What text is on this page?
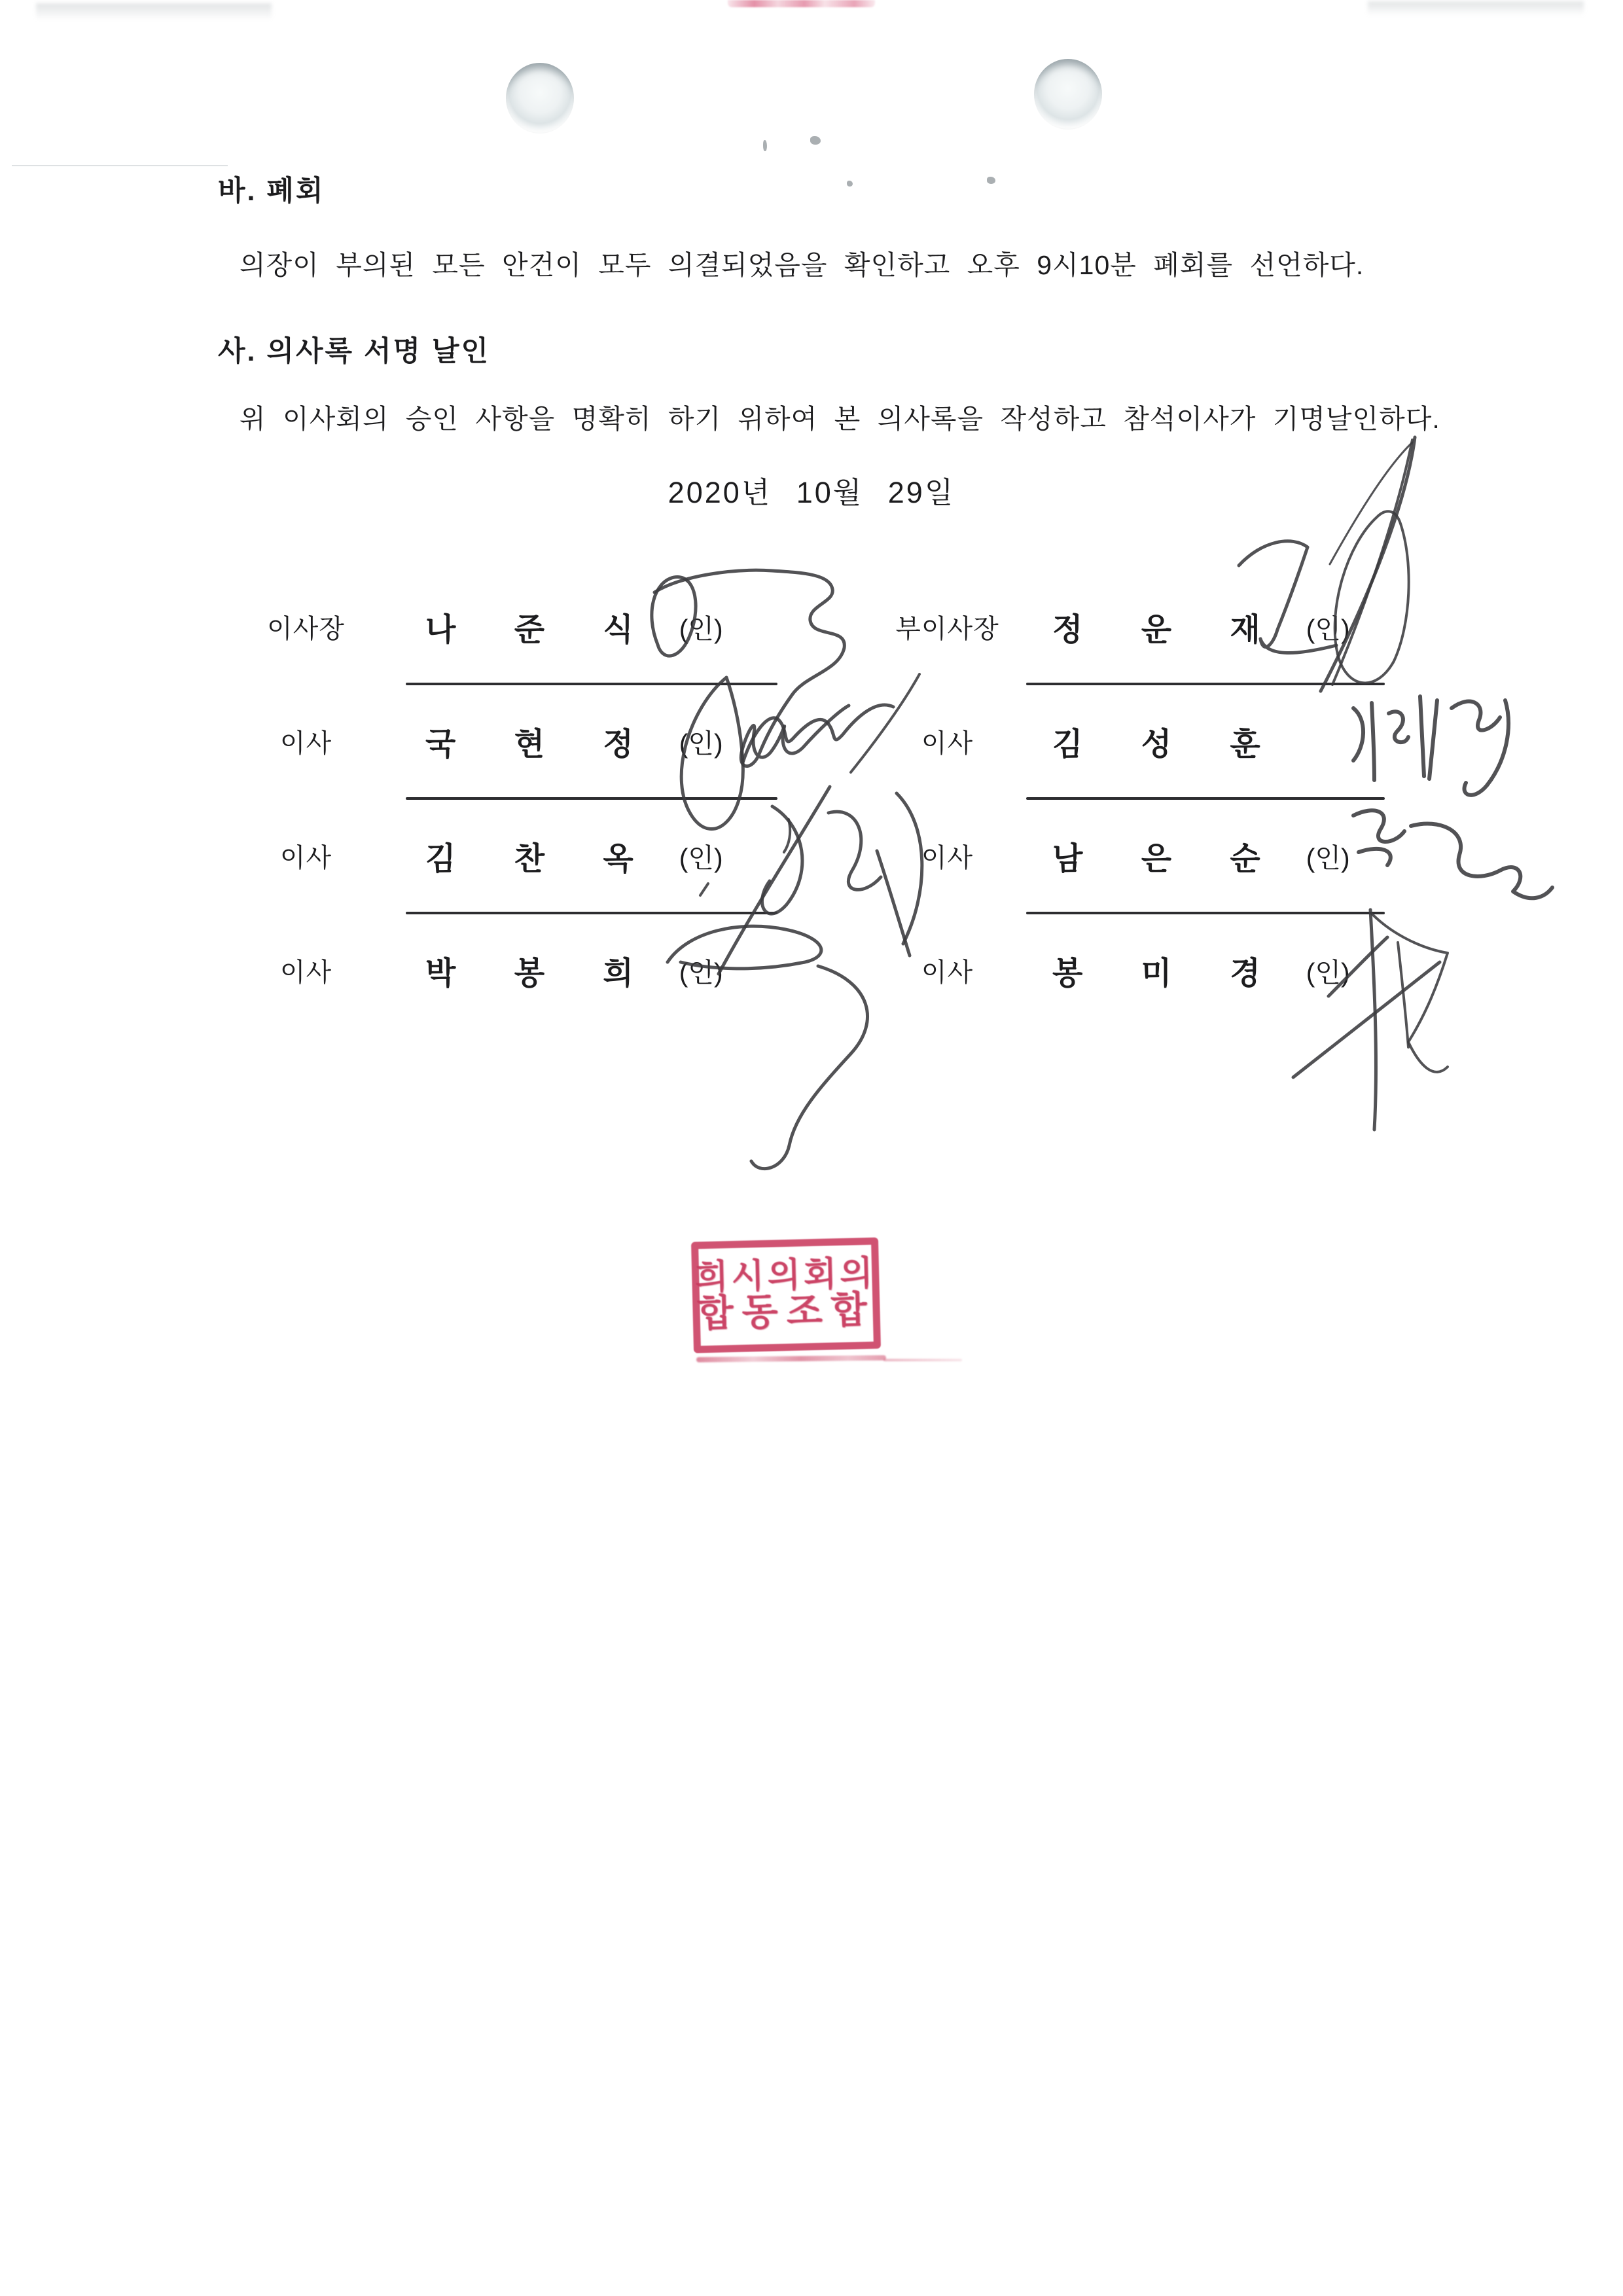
바. 폐회
의장이 부의된 모든 안건이 모두 의결되었음을 확인하고 오후 9시10분 폐회를 선언하다.
사. 의사록 서명 날인
위 이사회의 승인 사항을 명확히 하기 위하여 본 의사록을 작성하고 참석이사가 기명날인하다.
2020년 10월 29일
이사장	나 준 식 (인)	부이사장	정 운 재 (인)
이사	국 현 정 (인)	이사	김 성 훈
이사	김 찬 옥 (인)	이사	남 은 순 (인)
이사	박 봉 희 (인)	이사	봉 미 경 (인)
희시의회의
합동조합
